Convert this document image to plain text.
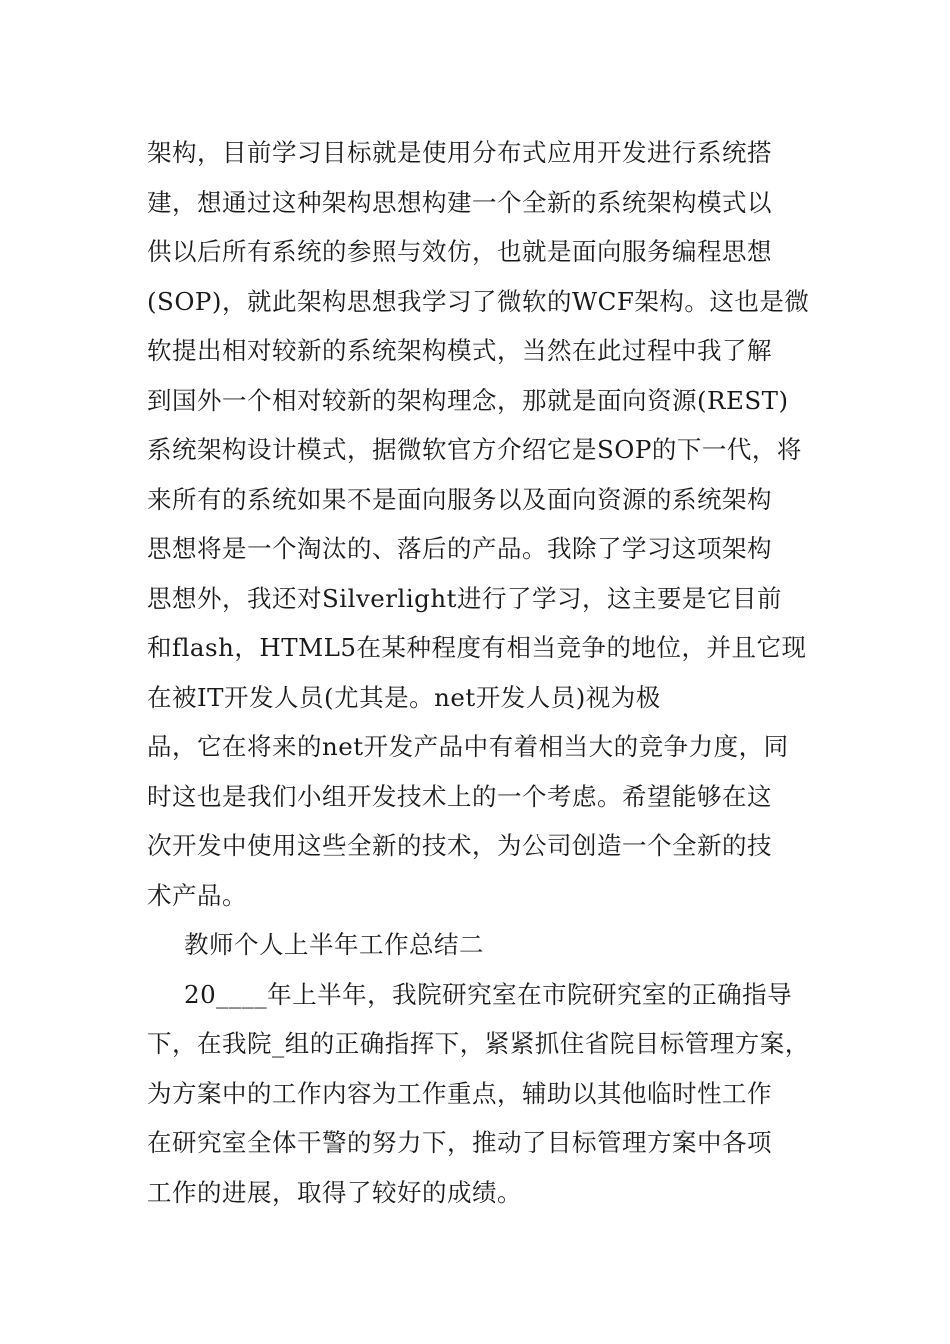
架构，目前学习目标就是使用分布式应用开发进行系统搭
建，想通过这种架构思想构建一个全新的系统架构模式以
供以后所有系统的参照与效仿，也就是面向服务编程思想
(SOP)，就此架构思想我学习了微软的WCF架构。这也是微
软提出相对较新的系统架构模式，当然在此过程中我了解
到国外一个相对较新的架构理念，那就是面向资源(REST)
系统架构设计模式，据微软官方介绍它是SOP的下一代，将
来所有的系统如果不是面向服务以及面向资源的系统架构
思想将是一个淘汰的、落后的产品。我除了学习这项架构
思想外，我还对Silverlight进行了学习，这主要是它目前
和flash，HTML5在某种程度有相当竞争的地位，并且它现
在被IT开发人员(尤其是。net开发人员)视为极
品，它在将来的net开发产品中有着相当大的竞争力度，同
时这也是我们小组开发技术上的一个考虑。希望能够在这
次开发中使用这些全新的技术，为公司创造一个全新的技
术产品。
教师个人上半年工作总结二
20____年上半年，我院研究室在市院研究室的正确指导
下，在我院_组的正确指挥下，紧紧抓住省院目标管理方案，
为方案中的工作内容为工作重点，辅助以其他临时性工作
在研究室全体干警的努力下，推动了目标管理方案中各项
工作的进展，取得了较好的成绩。
